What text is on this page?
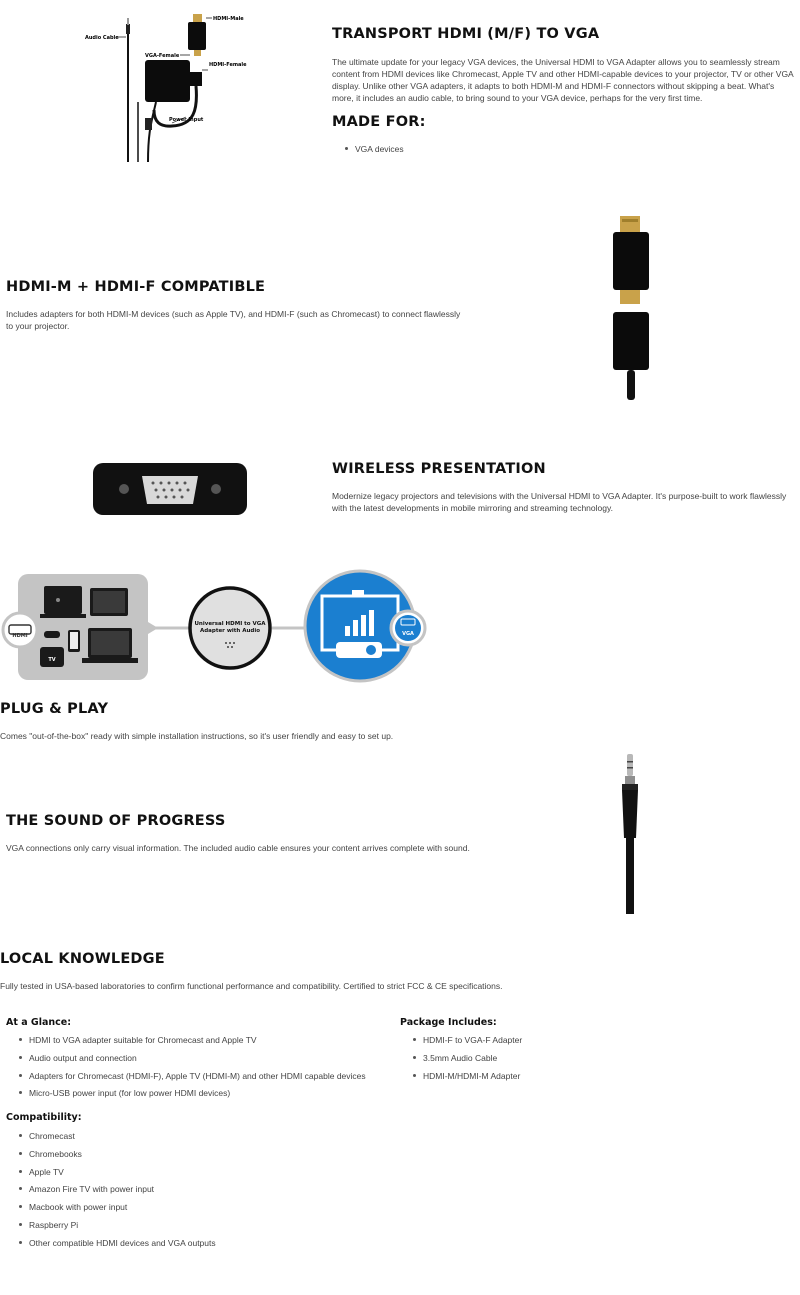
Audio Cable
HDMI-Male
VGA-Female
HDMI-Female
Power Input
TRANSPORT HDMI (M/F) TO VGA

The ultimate update for your legacy VGA devices, the Universal HDMI to VGA Adapter allows you to seamlessly stream content from HDMI devices like Chromecast, Apple TV and other HDMI-capable devices to your projector, TV or other VGA display. Unlike other VGA adapters, it adapts to both HDMI-M and HDMI-F connectors without skipping a beat. What's more, it includes an audio cable, to bring sound to your VGA device, perhaps for the very first time.

MADE FOR:
VGA devices
HDMI-M + HDMI-F COMPATIBLE

Includes adapters for both HDMI-M devices (such as Apple TV), and HDMI-F (such as Chromecast) to connect flawlessly to your projector.

WIRELESS PRESENTATION

Modernize legacy projectors and televisions with the Universal HDMI to VGA Adapter. It's purpose-built to work flawlessly with the latest developments in mobile mirroring and streaming technology.

HDMI
TV
Universal HDMI to VGA
Adapter with Audio	VGA
PLUG & PLAY

Comes "out-of-the-box" ready with simple installation instructions, so it's user friendly and easy to set up.

THE SOUND OF PROGRESS

VGA connections only carry visual information. The included audio cable ensures your content arrives complete with sound.

LOCAL KNOWLEDGE

Fully tested in USA-based laboratories to confirm functional performance and compatibility. Certified to strict FCC & CE specifications.

At a Glance:
HDMI to VGA adapter suitable for Chromecast and Apple TV
Audio output and connection
Adapters for Chromecast (HDMI-F), Apple TV (HDMI-M) and other HDMI capable devices
Micro-USB power input (for low power HDMI devices)
Package Includes:
HDMI-F to VGA-F Adapter
3.5mm Audio Cable
HDMI-M/HDMI-M Adapter
Compatibility:
Chromecast
Chromebooks
Apple TV
Amazon Fire TV with power input
Macbook with power input
Raspberry Pi
Other compatible HDMI devices and VGA outputs
